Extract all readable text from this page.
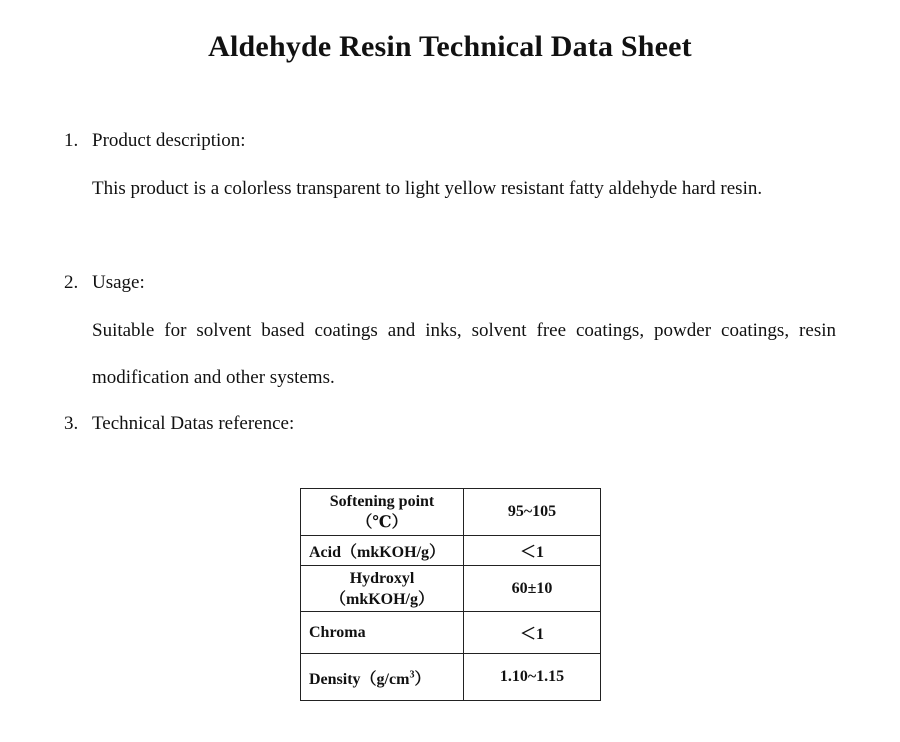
Aldehyde Resin Technical Data Sheet
1. Product description:
This product is a colorless transparent to light yellow resistant fatty aldehyde hard resin.
2. Usage:
Suitable for solvent based coatings and inks, solvent free coatings, powder coatings, resin modification and other systems.
3. Technical Datas reference:
Softening point
（℃）	95~105
Acid（mkKOH/g）	＜1

Hydroxyl
（mkKOH/g）	60±10
Chroma	＜1
$Density(g/cm^3)$	1.10~1.15
